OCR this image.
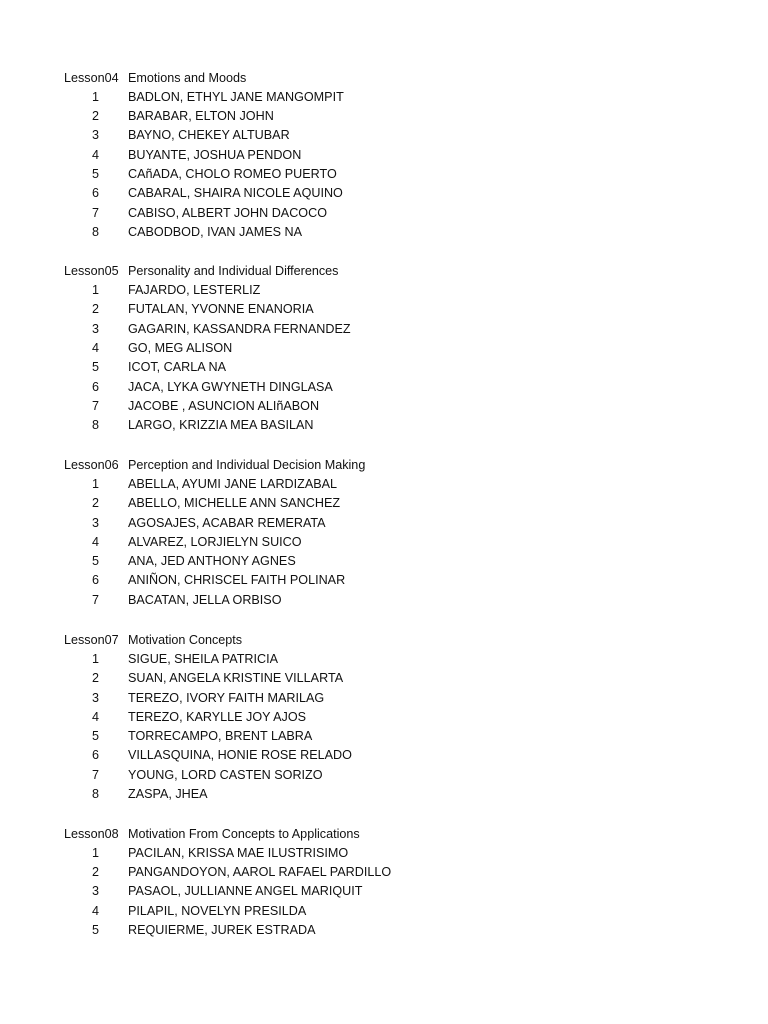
Lesson04 Emotions and Moods
1 BADLON, ETHYL JANE MANGOMPIT
2 BARABAR, ELTON JOHN
3 BAYNO, CHEKEY ALTUBAR
4 BUYANTE, JOSHUA PENDON
5 CAñADA, CHOLO ROMEO PUERTO
6 CABARAL, SHAIRA NICOLE AQUINO
7 CABISO, ALBERT JOHN DACOCO
8 CABODBOD, IVAN JAMES NA
Lesson05 Personality and Individual Differences
1 FAJARDO, LESTERLIZ
2 FUTALAN, YVONNE ENANORIA
3 GAGARIN, KASSANDRA FERNANDEZ
4 GO, MEG ALISON
5 ICOT, CARLA NA
6 JACA, LYKA GWYNETH DINGLASA
7 JACOBE , ASUNCION ALIñABON
8 LARGO, KRIZZIA MEA BASILAN
Lesson06 Perception and Individual Decision Making
1 ABELLA, AYUMI JANE LARDIZABAL
2 ABELLO, MICHELLE ANN SANCHEZ
3 AGOSAJES, ACABAR REMERATA
4 ALVAREZ, LORJIELYN SUICO
5 ANA, JED ANTHONY AGNES
6 ANIÑON, CHRISCEL FAITH POLINAR
7 BACATAN, JELLA ORBISO
Lesson07 Motivation Concepts
1 SIGUE, SHEILA PATRICIA
2 SUAN, ANGELA KRISTINE VILLARTA
3 TEREZO, IVORY FAITH MARILAG
4 TEREZO, KARYLLE JOY AJOS
5 TORRECAMPO, BRENT LABRA
6 VILLASQUINA, HONIE ROSE RELADO
7 YOUNG, LORD CASTEN SORIZO
8 ZASPA, JHEA
Lesson08 Motivation From Concepts to Applications
1 PACILAN, KRISSA MAE ILUSTRISIMO
2 PANGANDOYON, AAROL RAFAEL PARDILLO
3 PASAOL, JULLIANNE ANGEL MARIQUIT
4 PILAPIL, NOVELYN PRESILDA
5 REQUIERME, JUREK ESTRADA
